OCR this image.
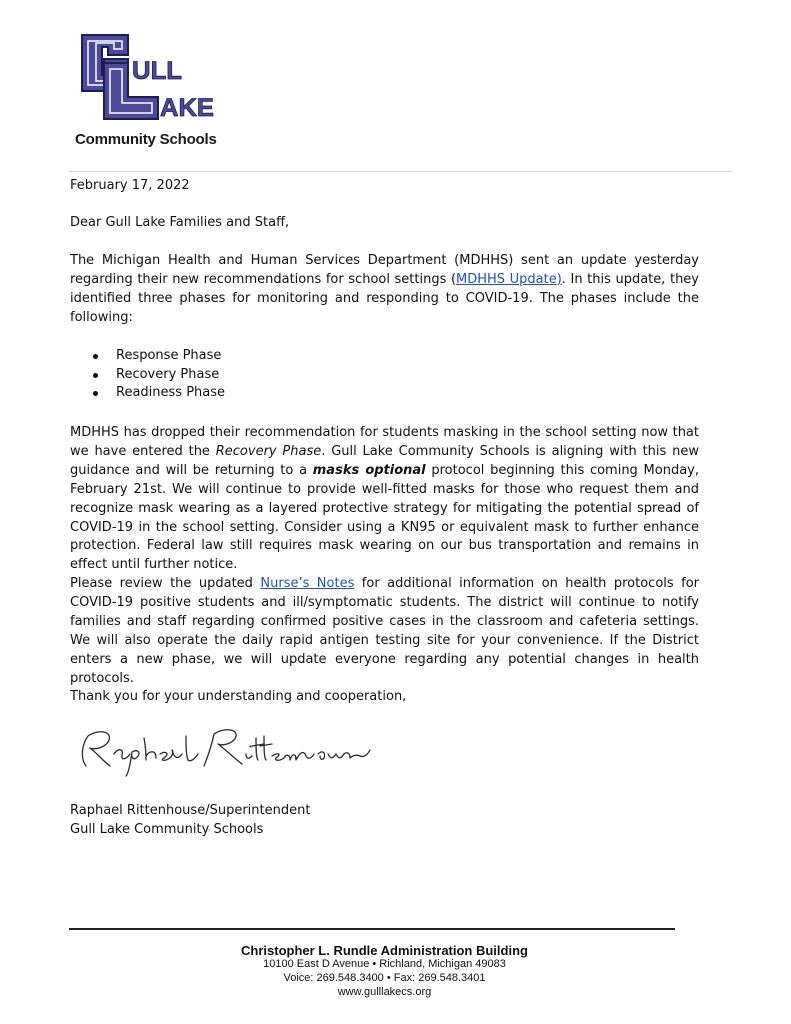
ULL
AKE
Community Schools
February 17, 2022
Dear Gull Lake Families and Staff,
The Michigan Health and Human Services Department (MDHHS) sent an update yesterday regarding their new recommendations for school settings (MDHHS Update). In this update, they identified three phases for monitoring and responding to COVID-19. The phases include the following:
Response Phase
Recovery Phase
Readiness Phase
MDHHS has dropped their recommendation for students masking in the school setting now that we have entered the Recovery Phase. Gull Lake Community Schools is aligning with this new guidance and will be returning to a masks optional protocol beginning this coming Monday, February 21st. We will continue to provide well-fitted masks for those who request them and recognize mask wearing as a layered protective strategy for mitigating the potential spread of COVID-19 in the school setting. Consider using a KN95 or equivalent mask to further enhance protection. Federal law still requires mask wearing on our bus transportation and remains in effect until further notice.
Please review the updated Nurse’s Notes for additional information on health protocols for COVID-19 positive students and ill/symptomatic students. The district will continue to notify families and staff regarding confirmed positive cases in the classroom and cafeteria settings. We will also operate the daily rapid antigen testing site for your convenience. If the District enters a new phase, we will update everyone regarding any potential changes in health protocols.
Thank you for your understanding and cooperation,
Raphael Rittenhouse/Superintendent
Gull Lake Community Schools
Christopher L. Rundle Administration Building
10100 East D Avenue • Richland, Michigan 49083
Voice: 269.548.3400 • Fax: 269.548.3401
www.gulllakecs.org
